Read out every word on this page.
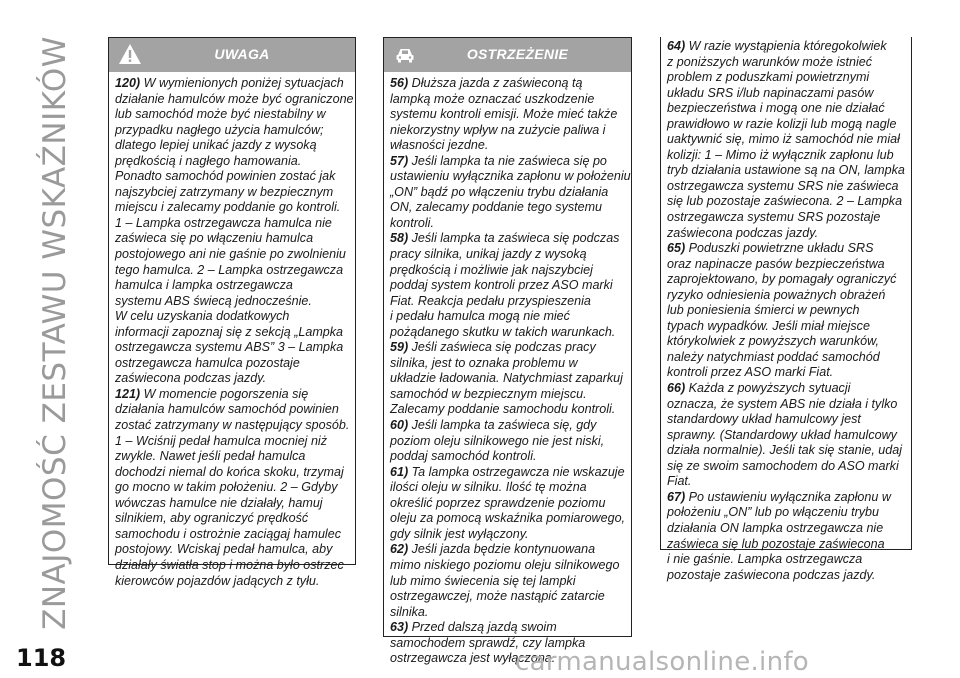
ZNAJOMOŚĆ ZESTAWU WSKAŹNIKÓW	UWAGA
120) W wymienionych poniżej sytuacjach
działanie hamulców może być ograniczone
lub samochód może być niestabilny w
przypadku nagłego użycia hamulców;
dlatego lepiej unikać jazdy z wysoką
prędkością i nagłego hamowania.
Ponadto samochód powinien zostać jak
najszybciej zatrzymany w bezpiecznym
miejscu i zalecamy poddanie go kontroli.
1 – Lampka ostrzegawcza hamulca nie
zaświeca się po włączeniu hamulca
postojowego ani nie gaśnie po zwolnieniu
tego hamulca. 2 – Lampka ostrzegawcza
hamulca i lampka ostrzegawcza
systemu ABS świecą jednocześnie.
W celu uzyskania dodatkowych
informacji zapoznaj się z sekcją „Lampka
ostrzegawcza systemu ABS” 3 – Lampka
ostrzegawcza hamulca pozostaje
zaświecona podczas jazdy.
121) W momencie pogorszenia się
działania hamulców samochód powinien
zostać zatrzymany w następujący sposób.
1 – Wciśnij pedał hamulca mocniej niż
zwykle. Nawet jeśli pedał hamulca
dochodzi niemal do końca skoku, trzymaj
go mocno w takim położeniu. 2 – Gdyby
wówczas hamulce nie działały, hamuj
silnikiem, aby ograniczyć prędkość
samochodu i ostrożnie zaciągaj hamulec
postojowy. Wciskaj pedał hamulca, aby
działały światła stop i można było ostrzec
kierowców pojazdów jadących z tyłu.
OSTRZEŻENIE
56) Dłuższa jazda z zaświeconą tą
lampką może oznaczać uszkodzenie
systemu kontroli emisji. Może mieć także
niekorzystny wpływ na zużycie paliwa i
własności jezdne.
57) Jeśli lampka ta nie zaświeca się po
ustawieniu wyłącznika zapłonu w położeniu
„ON” bądź po włączeniu trybu działania
ON, zalecamy poddanie tego systemu
kontroli.
58) Jeśli lampka ta zaświeca się podczas
pracy silnika, unikaj jazdy z wysoką
prędkością i możliwie jak najszybciej
poddaj system kontroli przez ASO marki
Fiat. Reakcja pedału przyspieszenia
i pedału hamulca mogą nie mieć
pożądanego skutku w takich warunkach.
59) Jeśli zaświeca się podczas pracy
silnika, jest to oznaka problemu w
układzie ładowania. Natychmiast zaparkuj
samochód w bezpiecznym miejscu.
Zalecamy poddanie samochodu kontroli.
60) Jeśli lampka ta zaświeca się, gdy
poziom oleju silnikowego nie jest niski,
poddaj samochód kontroli.
61) Ta lampka ostrzegawcza nie wskazuje
ilości oleju w silniku. Ilość tę można
określić poprzez sprawdzenie poziomu
oleju za pomocą wskaźnika pomiarowego,
gdy silnik jest wyłączony.
62) Jeśli jazda będzie kontynuowana
mimo niskiego poziomu oleju silnikowego
lub mimo świecenia się tej lampki
ostrzegawczej, może nastąpić zatarcie
silnika.
63) Przed dalszą jazdą swoim
samochodem sprawdź, czy lampka
ostrzegawcza jest wyłączona.
64) W razie wystąpienia któregokolwiek
z poniższych warunków może istnieć
problem z poduszkami powietrznymi
układu SRS i/lub napinaczami pasów
bezpieczeństwa i mogą one nie działać
prawidłowo w razie kolizji lub mogą nagle
uaktywnić się, mimo iż samochód nie miał
kolizji: 1 – Mimo iż wyłącznik zapłonu lub
tryb działania ustawione są na ON, lampka
ostrzegawcza systemu SRS nie zaświeca
się lub pozostaje zaświecona. 2 – Lampka
ostrzegawcza systemu SRS pozostaje
zaświecona podczas jazdy.
65) Poduszki powietrzne układu SRS
oraz napinacze pasów bezpieczeństwa
zaprojektowano, by pomagały ograniczyć
ryzyko odniesienia poważnych obrażeń
lub poniesienia śmierci w pewnych
typach wypadków. Jeśli miał miejsce
którykolwiek z powyższych warunków,
należy natychmiast poddać samochód
kontroli przez ASO marki Fiat.
66) Każda z powyższych sytuacji
oznacza, że system ABS nie działa i tylko
standardowy układ hamulcowy jest
sprawny. (Standardowy układ hamulcowy
działa normalnie). Jeśli tak się stanie, udaj
się ze swoim samochodem do ASO marki
Fiat.
67) Po ustawieniu wyłącznika zapłonu w
położeniu „ON” lub po włączeniu trybu
działania ON lampka ostrzegawcza nie
zaświeca się lub pozostaje zaświecona
i nie gaśnie. Lampka ostrzegawcza
pozostaje zaświecona podczas jazdy.
118	carmanualsonline.info
